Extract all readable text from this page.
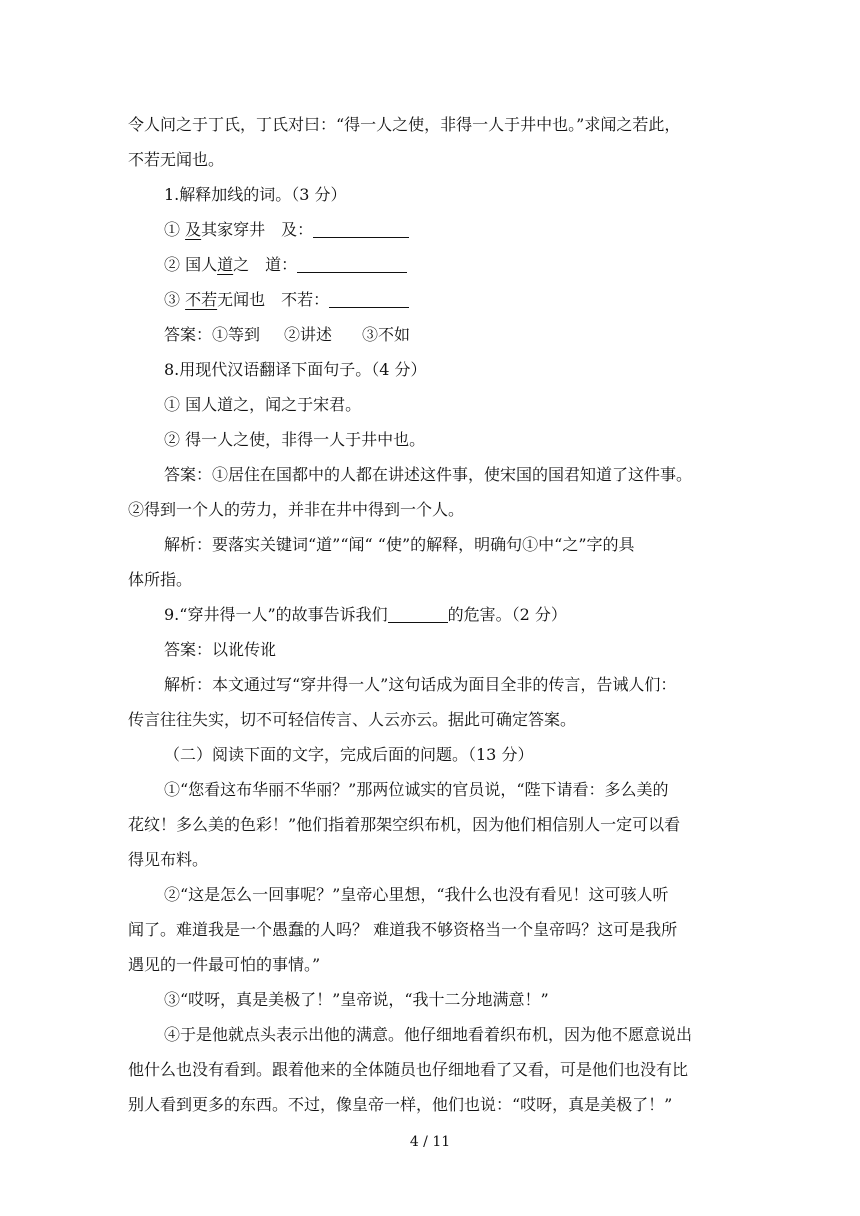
令人问之于丁氏，丁氏对曰：“得一人之使，非得一人于井中也。”求闻之若此，

不若无闻也。

1.解释加线的词。（3 分）

① 及其家穿井　及：

② 国人道之　道：

③ 不若无闻也　不若：

答案：①等到 ②讲述 ③不如

8.用现代汉语翻译下面句子。（4 分）

① 国人道之，闻之于宋君。

② 得一人之使，非得一人于井中也。

答案：①居住在国都中的人都在讲述这件事，使宋国的国君知道了这件事。

②得到一个人的劳力，并非在井中得到一个人。

解析：要落实关键词“道”“闻“ “使”的解释，明确句①中“之”字的具

体所指。

9.“穿井得一人”的故事告诉我们	的危害。（2 分）

答案：以讹传讹

解析：本文通过写“穿井得一人”这句话成为面目全非的传言，告诫人们：

传言往往失实，切不可轻信传言、人云亦云。据此可确定答案。

（二）阅读下面的文字，完成后面的问题。（13 分）

①“您看这布华丽不华丽？”那两位诚实的官员说，“陛下请看：多么美的

花纹！多么美的色彩！”他们指着那架空织布机，因为他们相信别人一定可以看

得见布料。

②“这是怎么一回事呢？”皇帝心里想，“我什么也没有看见！这可骇人听

闻了。难道我是一个愚蠢的人吗？ 难道我不够资格当一个皇帝吗？这可是我所

遇见的一件最可怕的事情。”

③“哎呀，真是美极了！”皇帝说，“我十二分地满意！”

④于是他就点头表示出他的满意。他仔细地看着织布机，因为他不愿意说出

他什么也没有看到。跟着他来的全体随员也仔细地看了又看，可是他们也没有比

别人看到更多的东西。不过，像皇帝一样，他们也说：“哎呀，真是美极了！”

4 / 11
